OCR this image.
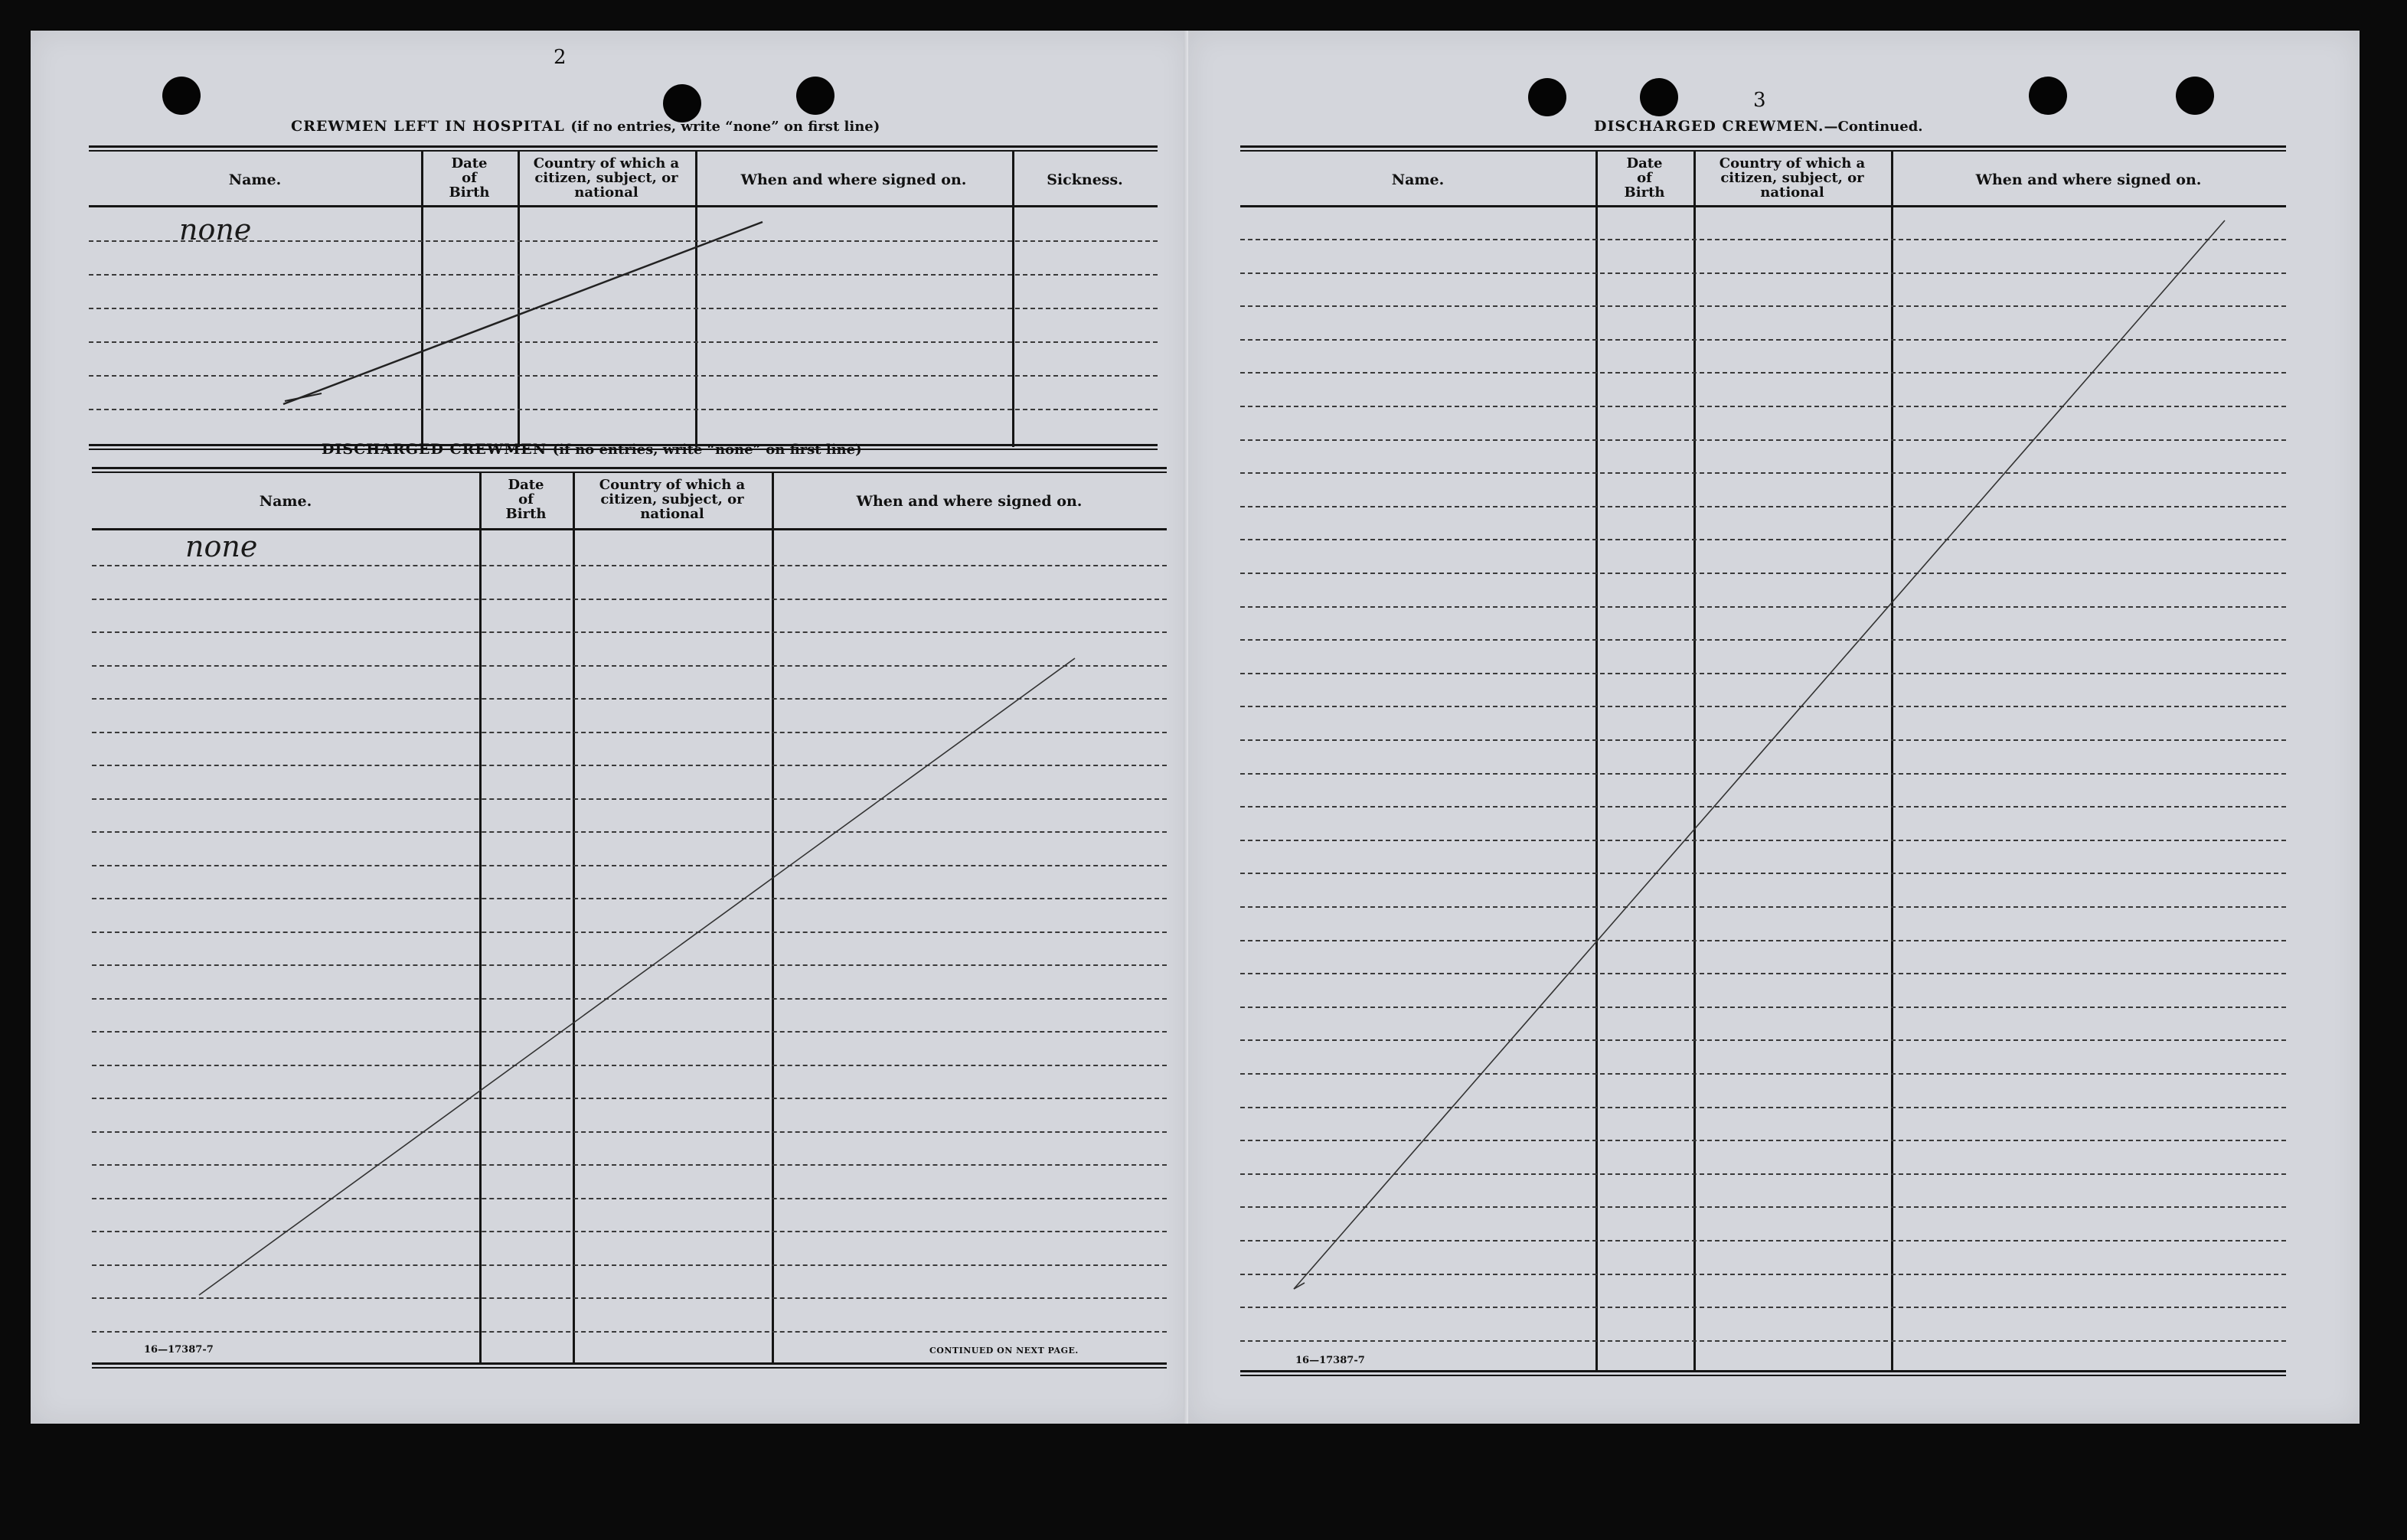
2
CREWMEN LEFT IN HOSPITAL (if no entries, write “none” on first line)
Name.
Date
of
Birth
Country of which a
citizen, subject, or
national
When and where signed on.	Sickness.
none
DISCHARGED CREWMEN (if no entries, write “none” on first line)
Name.
Date
of
Birth
Country of which a
citizen, subject, or
national
When and where signed on.
none
16—17387-7	CONTINUED ON NEXT PAGE.
3
DISCHARGED CREWMEN.—Continued.
Name.
Date
of
Birth
Country of which a
citizen, subject, or
national
When and where signed on.
16—17387-7
